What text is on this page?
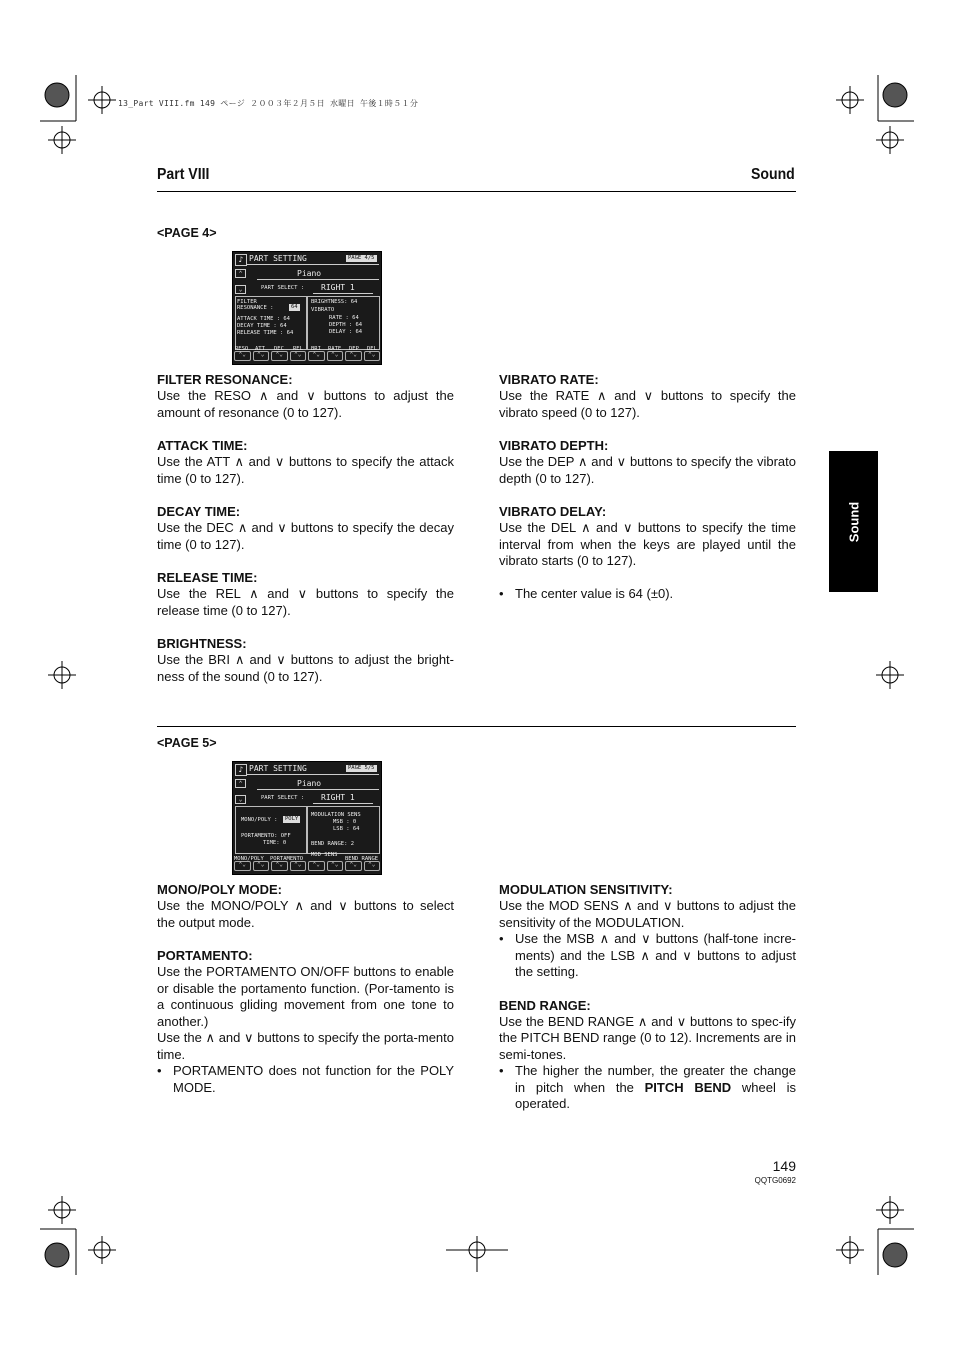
13_Part VIII.fm 149 ページ ２００３年２月５日 水曜日 午後１時５１分
Part VIII	Sound
Sound
<PAGE 4>
♪ PART SETTING	PAGE 4/5
Piano
⌃
⌄	PART SELECT : RIGHT 1
FILTER
RESONANCE :	64
ATTACK TIME : 64
DECAY TIME : 64
RELEASE TIME : 64
BRIGHTNESS: 64
VIBRATO
RATE : 64
DEPTH : 64
DELAY : 64
RESO ATT DEC REL BRI RATE DEP DEL
⌃⌄
⌃⌄
⌃⌄
⌃⌄
⌃⌄
⌃⌄
⌃⌄
⌃⌄
FILTER RESONANCE:

Use the RESO ∧ and ∨ buttons to adjust the amount of resonance (0 to 127).

ATTACK TIME:

Use the ATT ∧ and ∨ buttons to specify the attack time (0 to 127).

DECAY TIME:

Use the DEC ∧ and ∨ buttons to specify the decay time (0 to 127).

RELEASE TIME:

Use the REL ∧ and ∨ buttons to specify the release time (0 to 127).

BRIGHTNESS:

Use the BRI ∧ and ∨ buttons to adjust the bright-ness of the sound (0 to 127).

VIBRATO RATE:

Use the RATE ∧ and ∨ buttons to specify the vibrato speed (0 to 127).

VIBRATO DEPTH:

Use the DEP ∧ and ∨ buttons to specify the vibrato depth (0 to 127).

VIBRATO DELAY:

Use the DEL ∧ and ∨ buttons to specify the time interval from when the keys are played until the vibrato starts (0 to 127).

• The center value is 64 (±0).

<PAGE 5>
♪ PART SETTING	PAGE 5/5
Piano
⌃
⌄	PART SELECT : RIGHT 1
MONO/POLY :	POLY
PORTAMENTO: OFF
TIME: 0
MODULATION SENS
MSB : 0
LSB : 64
BEND RANGE: 2
MONO/POLY PORTAMENTO
MOD SENS
BEND RANGE
⌃⌄
⌃⌄
⌃⌄
⌃⌄
⌃⌄
⌃⌄
⌃⌄
⌃⌄
MONO/POLY MODE:

Use the MONO/POLY ∧ and ∨ buttons to select the output mode.

PORTAMENTO:

Use the PORTAMENTO ON/OFF buttons to enable or disable the portamento function. (Por-tamento is a continuous gliding movement from one tone to another.)

Use the ∧ and ∨ buttons to specify the porta-mento time.

• PORTAMENTO does not function for the POLY MODE.

MODULATION SENSITIVITY:

Use the MOD SENS ∧ and ∨ buttons to adjust the sensitivity of the MODULATION.

• Use the MSB ∧ and ∨ buttons (half-tone incre-ments) and the LSB ∧ and ∨ buttons to adjust the setting.

BEND RANGE:

Use the BEND RANGE ∧ and ∨ buttons to spec-ify the PITCH BEND range (0 to 12). Increments are in semi-tones.

• The higher the number, the greater the change in pitch when the PITCH BEND wheel is operated.

149
QQTG0692
